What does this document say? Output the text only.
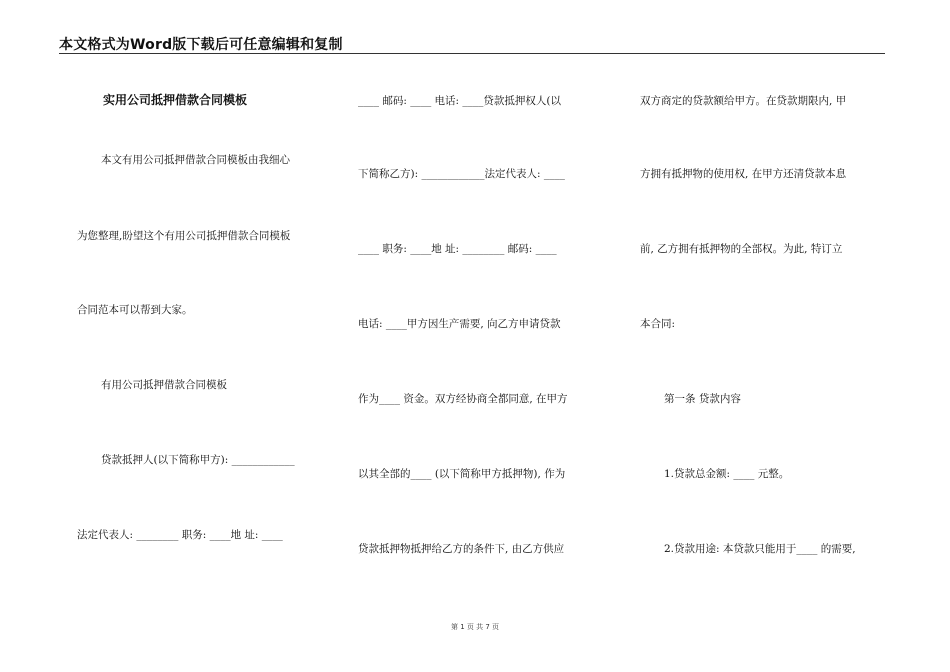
本文格式为Word版下载后可任意编辑和复制
实用公司抵押借款合同模板
本文有用公司抵押借款合同模板由我细心
为您整理,盼望这个有用公司抵押借款合同模板
合同范本可以帮到大家。
有用公司抵押借款合同模板
贷款抵押人(以下简称甲方): ____________
法定代表人: ________ 职务: ____地 址: ____
____ 邮码: ____ 电话: ____贷款抵押权人(以
下简称乙方): ____________法定代表人: ____
____ 职务: ____地 址: ________ 邮码: ____
电话: ____甲方因生产需要, 向乙方申请贷款
作为____ 资金。双方经协商全都同意, 在甲方
以其全部的____ (以下简称甲方抵押物), 作为
贷款抵押物抵押给乙方的条件下, 由乙方供应
双方商定的贷款额给甲方。在贷款期限内, 甲
方拥有抵押物的使用权, 在甲方还清贷款本息
前, 乙方拥有抵押物的全部权。为此, 特订立
本合同:
第一条 贷款内容
1.贷款总金额: ____ 元整。
2.贷款用途: 本贷款只能用于____ 的需要,
第 1 页 共 7 页
